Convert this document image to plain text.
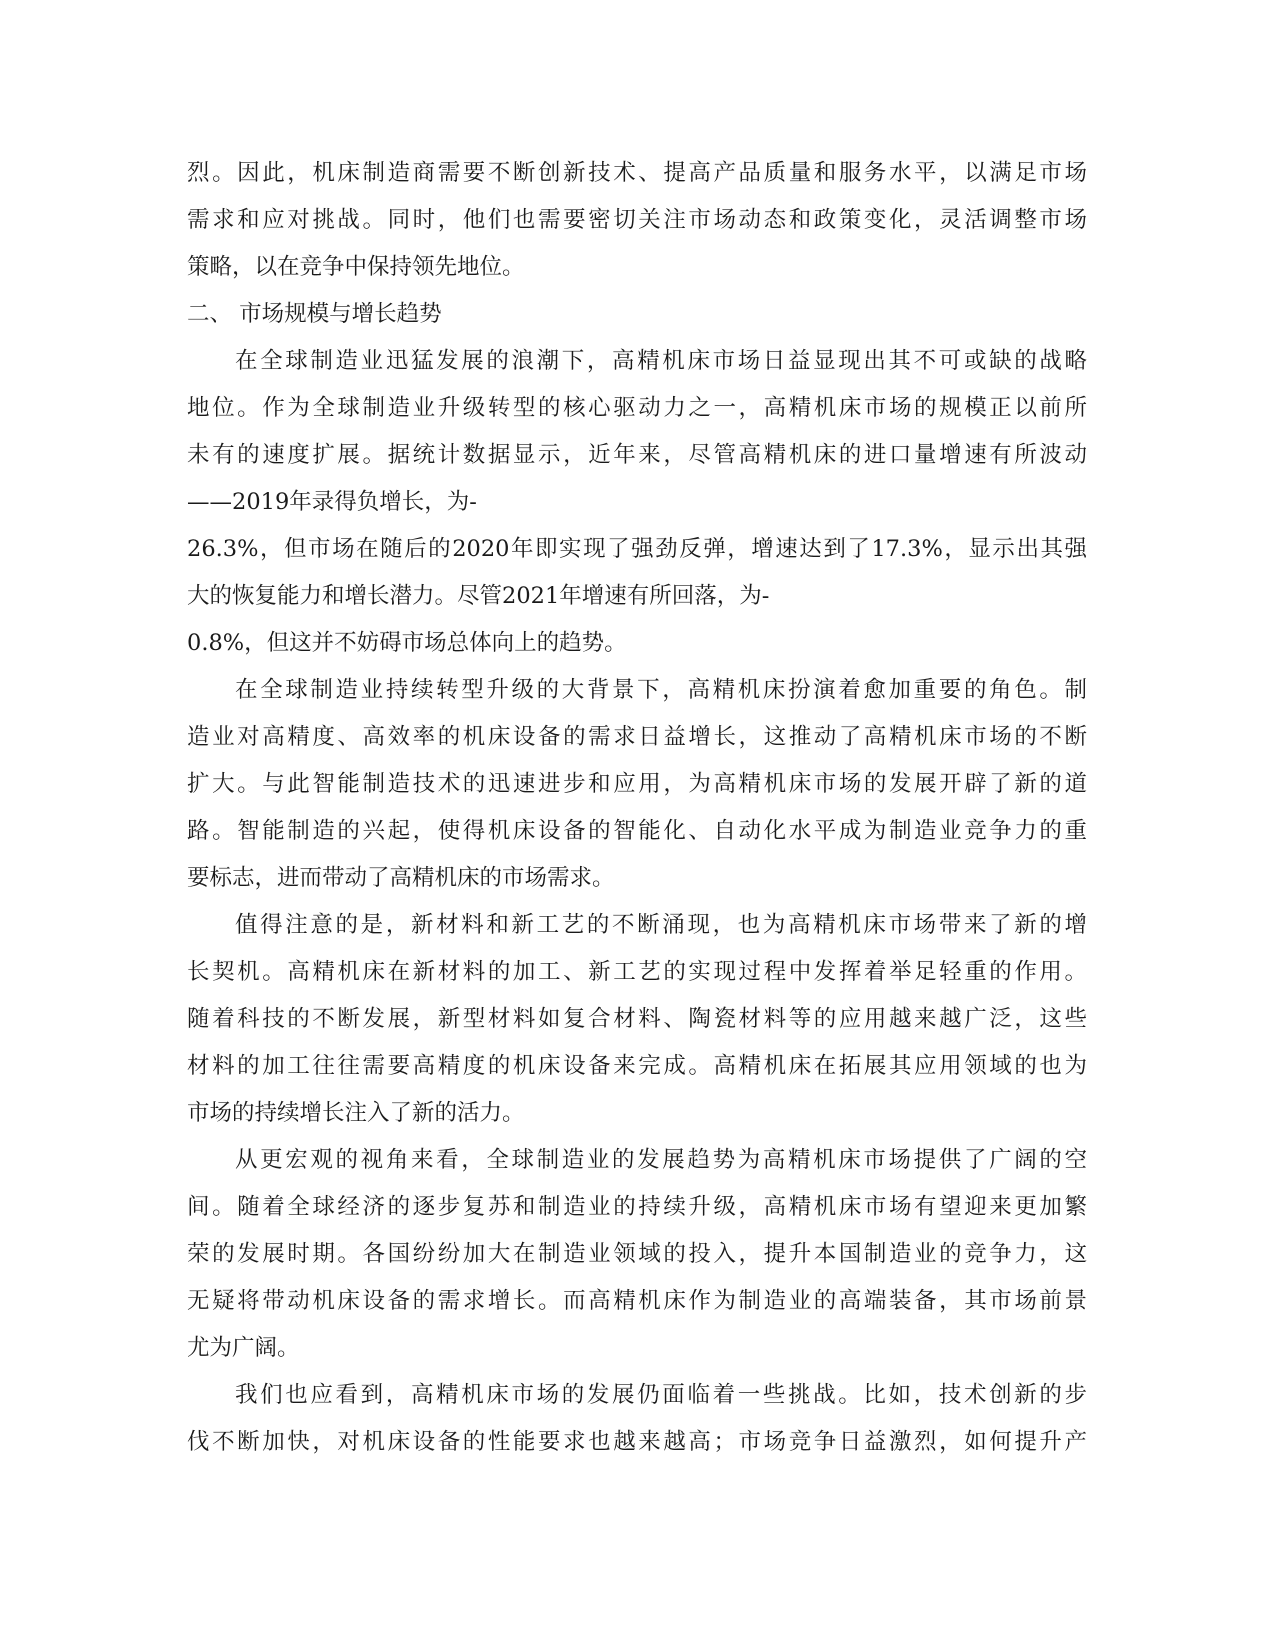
烈。因此，机床制造商需要不断创新技术、提高产品质量和服务水平，以满足市场
需求和应对挑战。同时，他们也需要密切关注市场动态和政策变化，灵活调整市场
策略，以在竞争中保持领先地位。
二、 市场规模与增长趋势
在全球制造业迅猛发展的浪潮下，高精机床市场日益显现出其不可或缺的战略
地位。作为全球制造业升级转型的核心驱动力之一，高精机床市场的规模正以前所
未有的速度扩展。据统计数据显示，近年来，尽管高精机床的进口量增速有所波动
——2019年录得负增长，为-
26.3%，但市场在随后的2020年即实现了强劲反弹，增速达到了17.3%，显示出其强
大的恢复能力和增长潜力。尽管2021年增速有所回落，为-
0.8%，但这并不妨碍市场总体向上的趋势。
在全球制造业持续转型升级的大背景下，高精机床扮演着愈加重要的角色。制
造业对高精度、高效率的机床设备的需求日益增长，这推动了高精机床市场的不断
扩大。与此智能制造技术的迅速进步和应用，为高精机床市场的发展开辟了新的道
路。智能制造的兴起，使得机床设备的智能化、自动化水平成为制造业竞争力的重
要标志，进而带动了高精机床的市场需求。
值得注意的是，新材料和新工艺的不断涌现，也为高精机床市场带来了新的增
长契机。高精机床在新材料的加工、新工艺的实现过程中发挥着举足轻重的作用。
随着科技的不断发展，新型材料如复合材料、陶瓷材料等的应用越来越广泛，这些
材料的加工往往需要高精度的机床设备来完成。高精机床在拓展其应用领域的也为
市场的持续增长注入了新的活力。
从更宏观的视角来看，全球制造业的发展趋势为高精机床市场提供了广阔的空
间。随着全球经济的逐步复苏和制造业的持续升级，高精机床市场有望迎来更加繁
荣的发展时期。各国纷纷加大在制造业领域的投入，提升本国制造业的竞争力，这
无疑将带动机床设备的需求增长。而高精机床作为制造业的高端装备，其市场前景
尤为广阔。
我们也应看到，高精机床市场的发展仍面临着一些挑战。比如，技术创新的步
伐不断加快，对机床设备的性能要求也越来越高；市场竞争日益激烈，如何提升产
